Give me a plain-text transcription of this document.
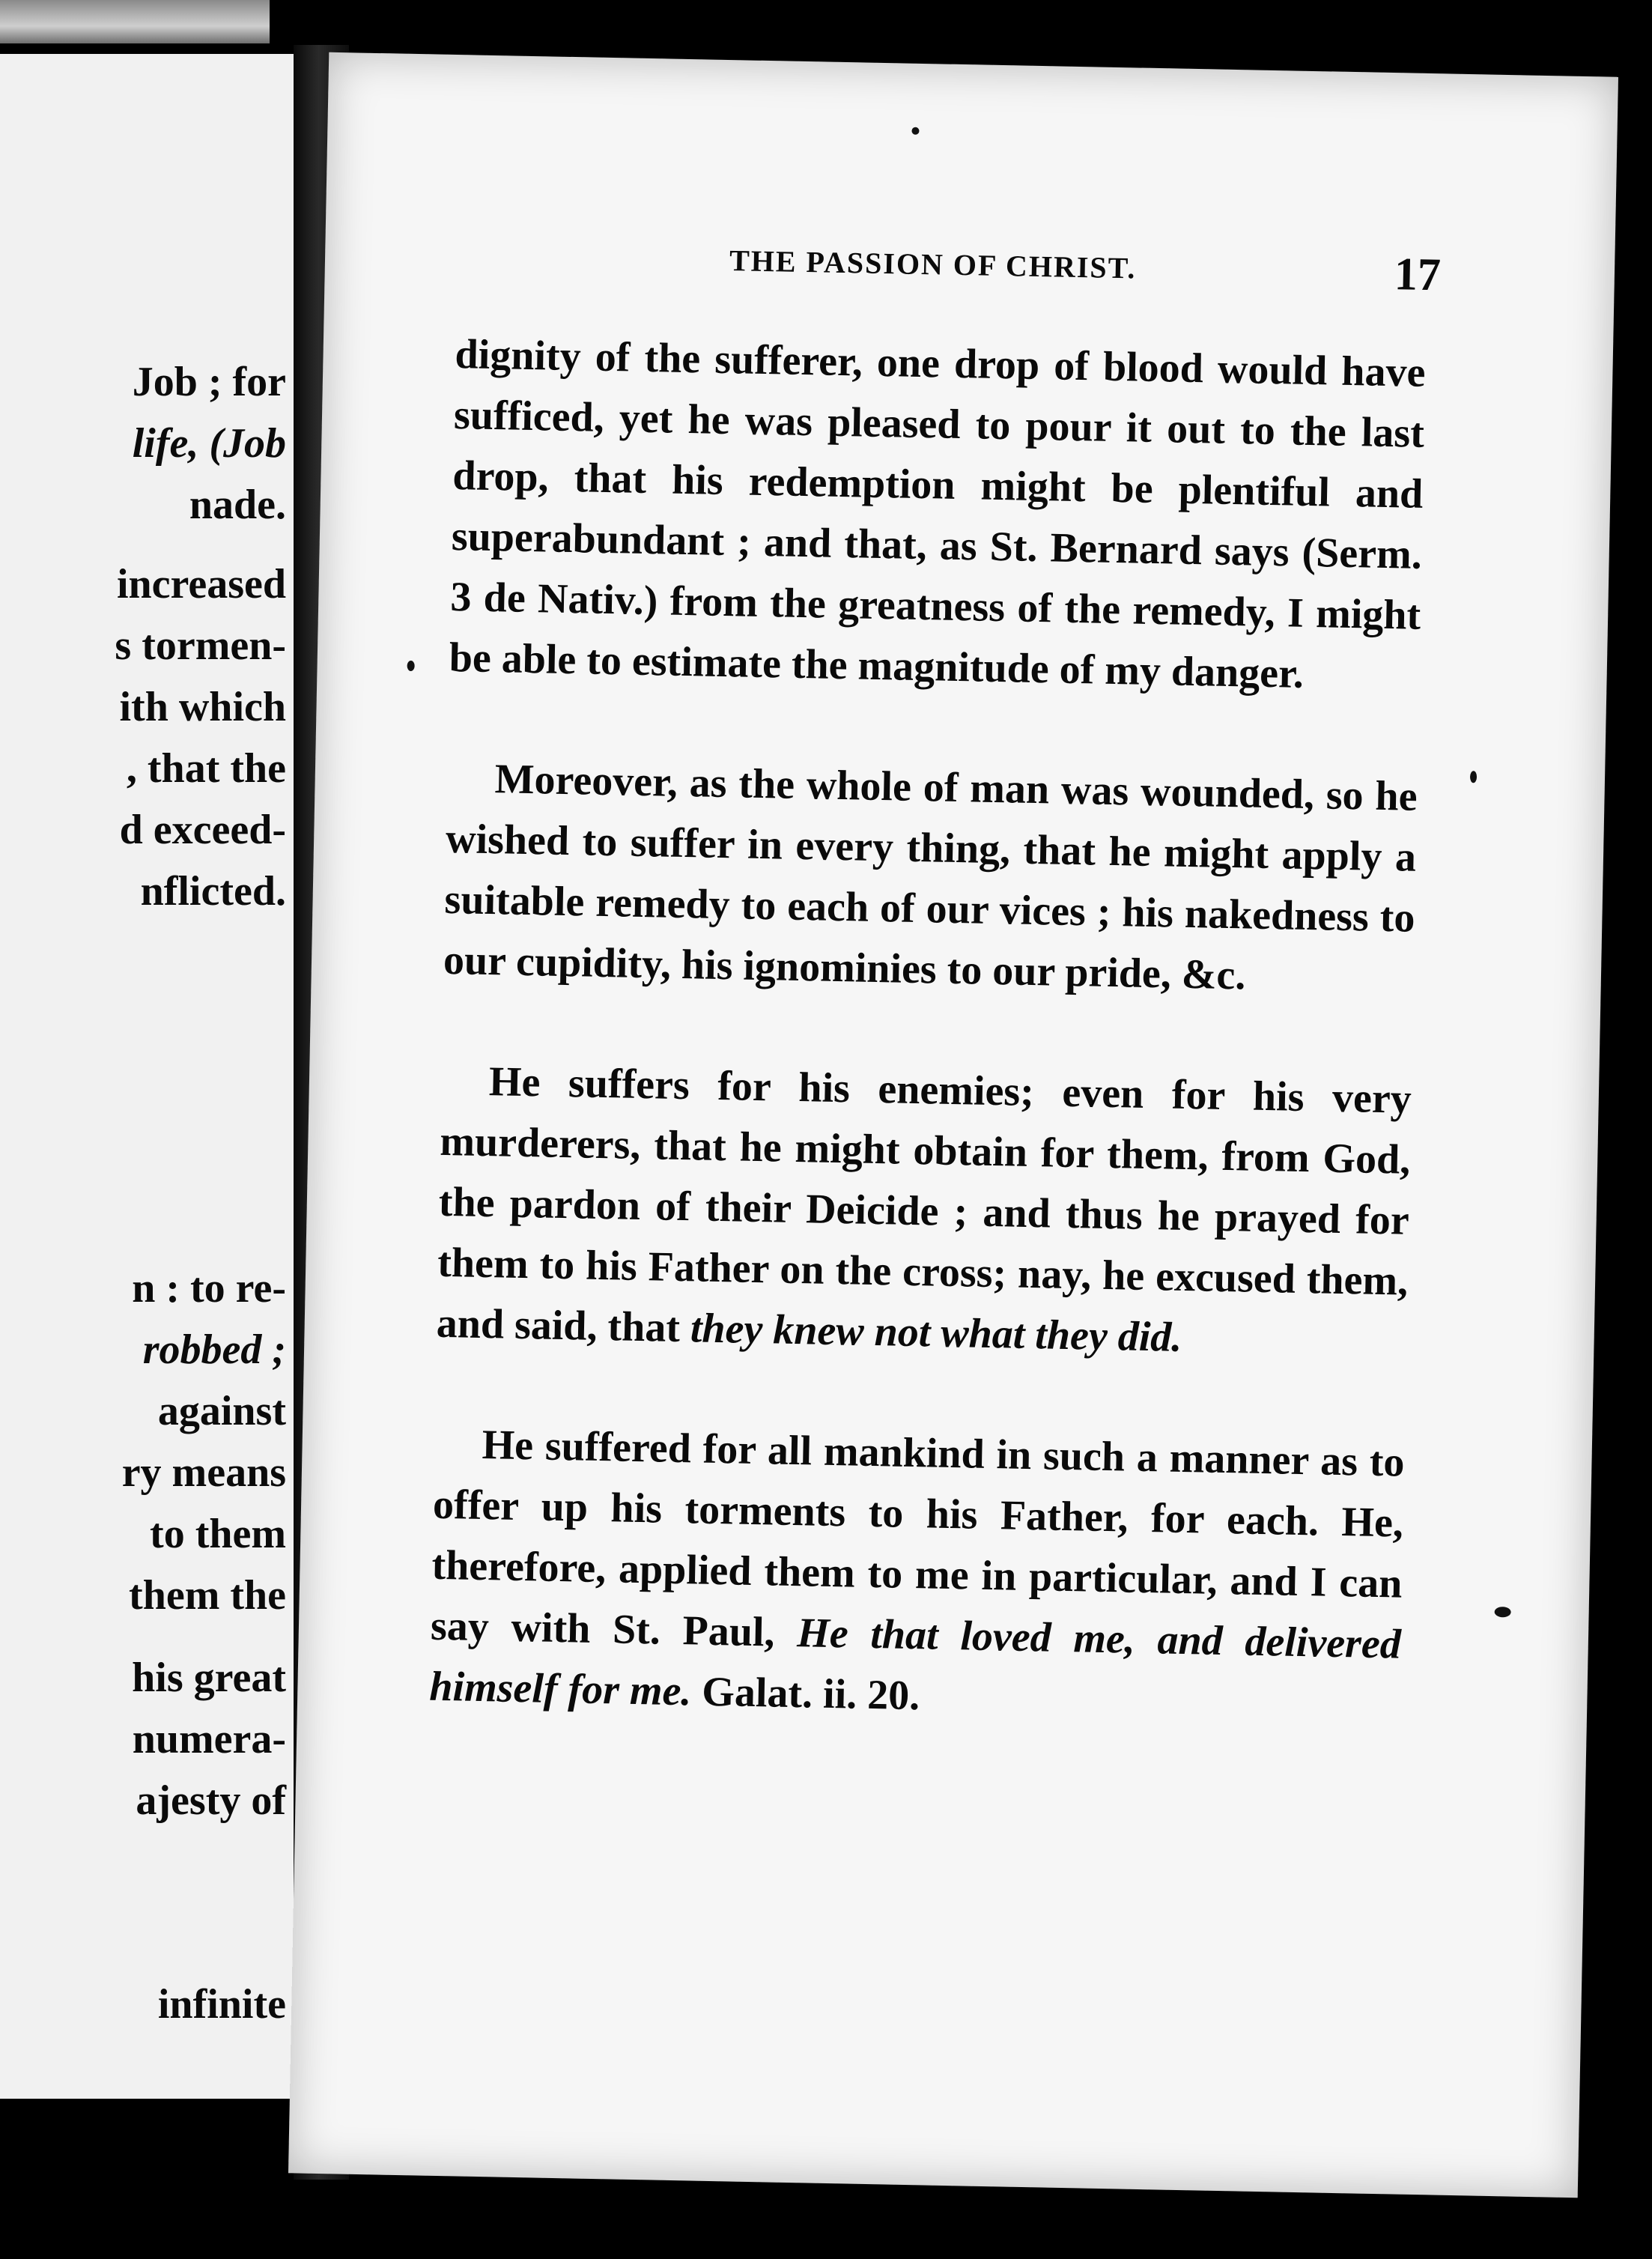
Job ; for
life, (Job
nade.
increased
s tormen-
ith which
, that the
d exceed-
nflicted.
n : to re-
robbed ;
against
ry means
to them
them the
his great
numera-
ajesty of
infinite
THE PASSION OF CHRIST.	17

dignity of the sufferer, one drop of blood would have sufficed, yet he was pleased to pour it out to the last drop, that his redemption might be plentiful and superabundant ; and that, as St. Bernard says (Serm. 3 de Nativ.) from the greatness of the remedy, I might be able to estimate the magnitude of my danger.

Moreover, as the whole of man was wounded, so he wished to suffer in every thing, that he might apply a suitable remedy to each of our vices ; his nakedness to our cupidity, his ignominies to our pride, &c.

He suffers for his enemies; even for his very murderers, that he might obtain for them, from God, the pardon of their Deicide ; and thus he prayed for them to his Father on the cross; nay, he excused them, and said, that they knew not what they did.

He suffered for all mankind in such a manner as to offer up his torments to his Father, for each. He, therefore, applied them to me in particular, and I can say with St. Paul, He that loved me, and delivered himself for me. Galat. ii. 20.
